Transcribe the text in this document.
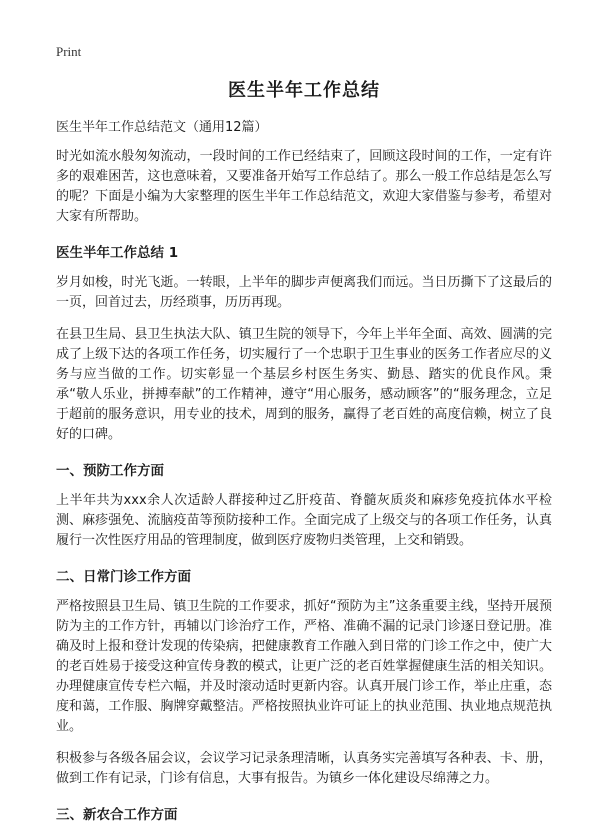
Print
医生半年工作总结
医生半年工作总结范文（通用12篇）

时光如流水般匆匆流动，一段时间的工作已经结束了，回顾这段时间的工作，一定有许多的艰难困苦，这也意味着，又要准备开始写工作总结了。那么一般工作总结是怎么写的呢？下面是小编为大家整理的医生半年工作总结范文，欢迎大家借鉴与参考，希望对大家有所帮助。

医生半年工作总结 1

岁月如梭，时光飞逝。一转眼，上半年的脚步声便离我们而远。当日历撕下了这最后的一页，回首过去，历经琐事，历历再现。

在县卫生局、县卫生执法大队、镇卫生院的领导下，今年上半年全面、高效、圆满的完成了上级下达的各项工作任务，切实履行了一个忠职于卫生事业的医务工作者应尽的义务与应当做的工作。切实彰显一个基层乡村医生务实、勤恳、踏实的优良作风。秉承“敬人乐业，拼搏奉献”的工作精神，遵守“用心服务，感动顾客”的“服务理念，立足于超前的服务意识，用专业的技术，周到的服务，赢得了老百姓的高度信赖，树立了良好的口碑。

一、预防工作方面

上半年共为xxx余人次适龄人群接种过乙肝疫苗、脊髓灰质炎和麻疹免疫抗体水平检测、麻疹强免、流脑疫苗等预防接种工作。全面完成了上级交与的各项工作任务，认真履行一次性医疗用品的管理制度，做到医疗废物归类管理，上交和销毁。

二、日常门诊工作方面

严格按照县卫生局、镇卫生院的工作要求，抓好“预防为主”这条重要主线，坚持开展预防为主的工作方针，再辅以门诊治疗工作，严格、准确不漏的记录门诊逐日登记册。准确及时上报和登计发现的传染病，把健康教育工作融入到日常的门诊工作之中，使广大的老百姓易于接受这种宣传身教的模式，让更广泛的老百姓掌握健康生活的相关知识。办理健康宣传专栏六幅，并及时滚动适时更新内容。认真开展门诊工作，举止庄重，态度和蔼，工作服、胸牌穿戴整洁。严格按照执业许可证上的执业范围、执业地点规范执业。

积极参与各级各届会议，会议学习记录条理清晰，认真务实完善填写各种表、卡、册，做到工作有记录，门诊有信息，大事有报告。为镇乡一体化建设尽绵薄之力。

三、新农合工作方面
